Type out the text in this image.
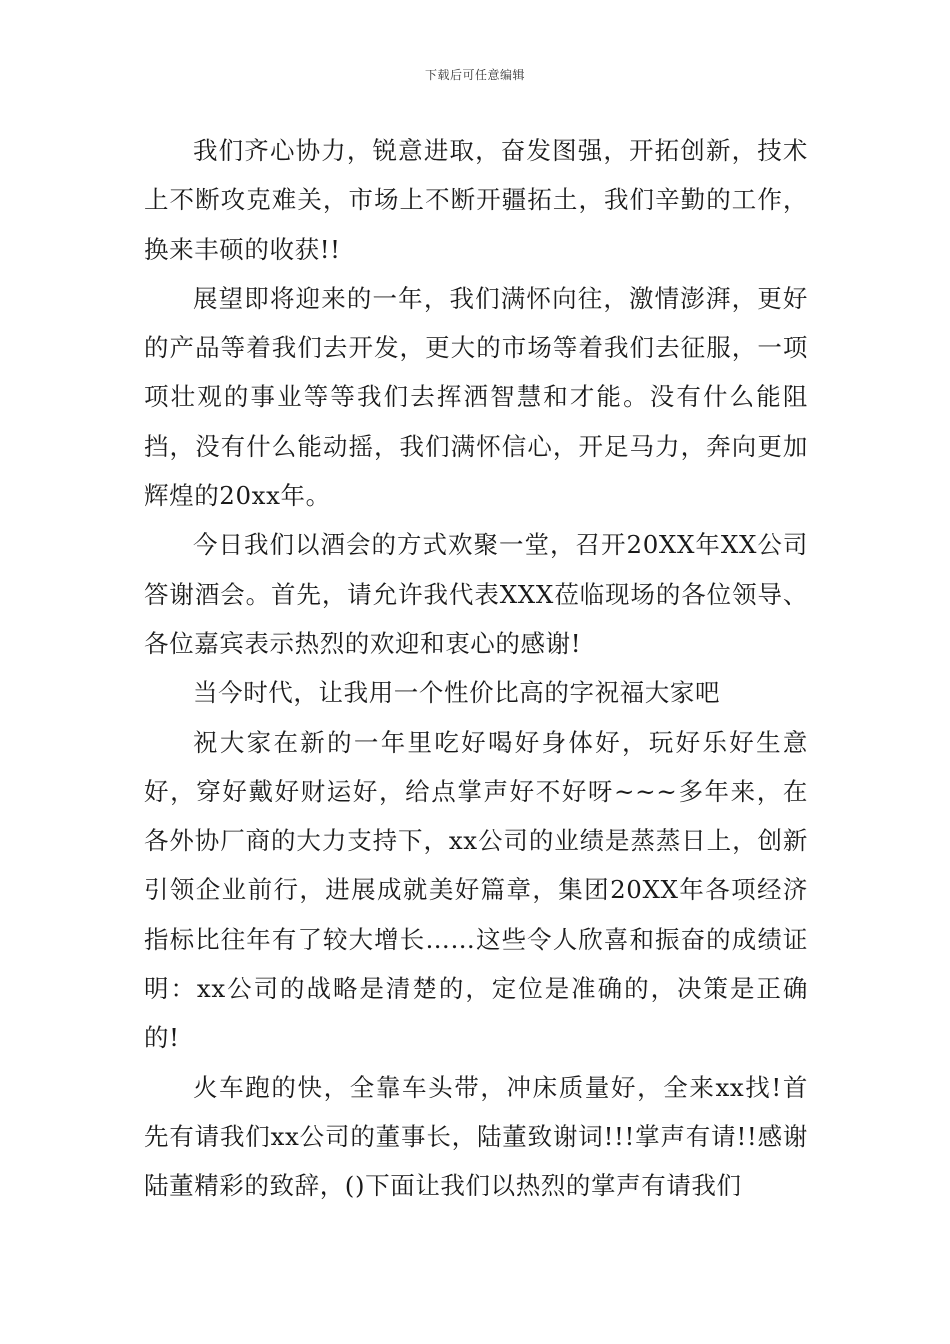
下载后可任意编辑

我们齐心协力，锐意进取，奋发图强，开拓创新，技术上不断攻克难关，市场上不断开疆拓土，我们辛勤的工作，换来丰硕的收获!!

展望即将迎来的一年，我们满怀向往，激情澎湃，更好的产品等着我们去开发，更大的市场等着我们去征服，一项项壮观的事业等等我们去挥洒智慧和才能。没有什么能阻挡，没有什么能动摇，我们满怀信心，开足马力，奔向更加辉煌的20xx年。

今日我们以酒会的方式欢聚一堂，召开20XX年XX公司答谢酒会。首先，请允许我代表XXX莅临现场的各位领导、各位嘉宾表示热烈的欢迎和衷心的感谢!

当今时代，让我用一个性价比高的字祝福大家吧

祝大家在新的一年里吃好喝好身体好，玩好乐好生意好，穿好戴好财运好，给点掌声好不好呀~~~多年来，在各外协厂商的大力支持下，xx公司的业绩是蒸蒸日上，创新引领企业前行，进展成就美好篇章，集团20XX年各项经济指标比往年有了较大增长……这些令人欣喜和振奋的成绩证明：xx公司的战略是清楚的，定位是准确的，决策是正确的!

火车跑的快，全靠车头带，冲床质量好，全来xx找!首先有请我们xx公司的董事长，陆董致谢词!!!掌声有请!!感谢陆董精彩的致辞，()下面让我们以热烈的掌声有请我们
